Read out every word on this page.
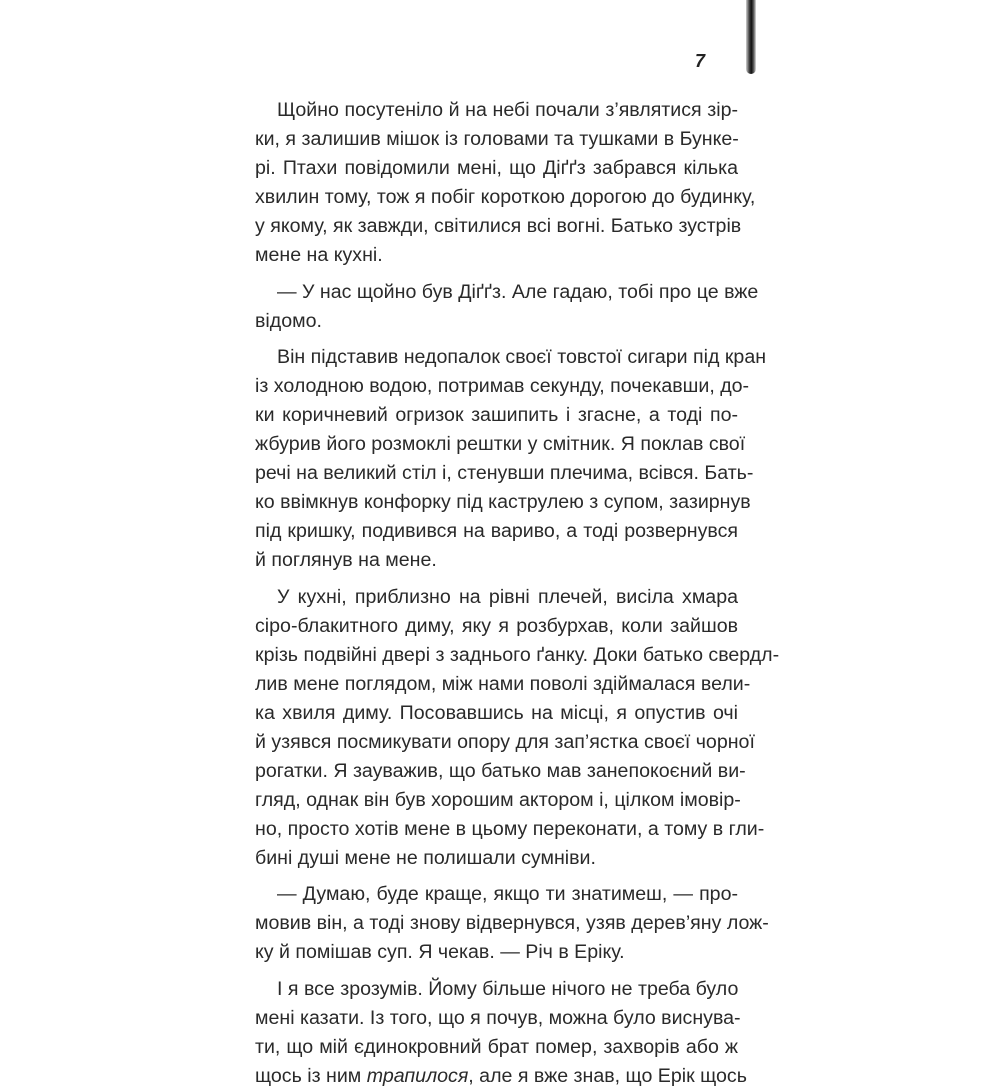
7

Щойно посутеніло й на небі почали з’являтися зір-
ки, я залишив мішок із головами та тушками в Бунке-
рі. Птахи повідомили мені, що Діґґз забрався кілька
хвилин тому, тож я побіг короткою дорогою до будинку,
у якому, як завжди, світилися всі вогні. Батько зустрів
мене на кухні.

— У нас щойно був Діґґз. Але гадаю, тобі про це вже
відомо.

Він підставив недопалок своєї товстої сигари під кран
із холодною водою, потримав секунду, почекавши, до-
ки коричневий огризок зашипить і згасне, а тоді по-
жбурив його розмоклі рештки у смітник. Я поклав свої
речі на великий стіл і, стенувши плечима, всівся. Бать-
ко ввімкнув конфорку під каструлею з супом, зазирнув
під кришку, подивився на вариво, а тоді розвернувся
й поглянув на мене.

У кухні, приблизно на рівні плечей, висіла хмара
сіро-блакитного диму, яку я розбурхав, коли зайшов
крізь подвійні двері з заднього ґанку. Доки батько свердл-
лив мене поглядом, між нами поволі здіймалася вели-
ка хвиля диму. Посовавшись на місці, я опустив очі
й узявся посмикувати опору для зап’ястка своєї чорної
рогатки. Я зауважив, що батько мав занепокоєний ви-
гляд, однак він був хорошим актором і, цілком імовір-
но, просто хотів мене в цьому переконати, а тому в гли-
бині душі мене не полишали сумніви.

— Думаю, буде краще, якщо ти знатимеш, — про-
мовив він, а тоді знову відвернувся, узяв дерев’яну лож-
ку й помішав суп. Я чекав. — Річ в Еріку.

І я все зрозумів. Йому більше нічого не треба було
мені казати. Із того, що я почув, можна було виснува-
ти, що мій єдинокровний брат помер, захворів або ж
щось із ним трапилося, але я вже знав, що Ерік щось
